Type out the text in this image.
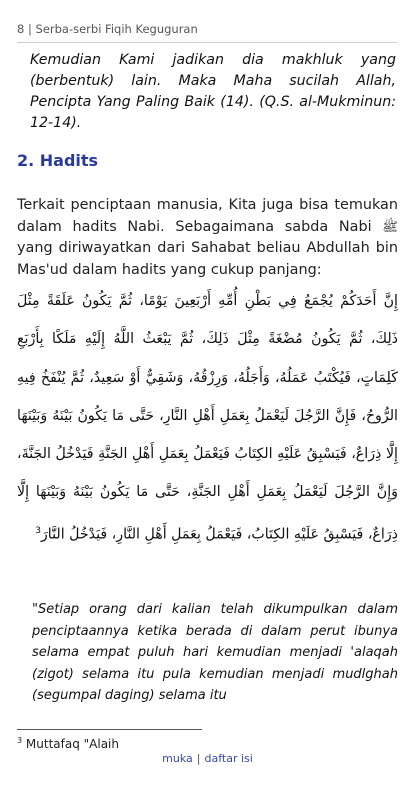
8 | Serba-serbi Fiqih Keguguran
Kemudian Kami jadikan dia makhluk yang (berbentuk) lain. Maka Maha sucilah Allah, Pencipta Yang Paling Baik (14). (Q.S. al-Mukminun: 12-14).
2. Hadits
Terkait penciptaan manusia, Kita juga bisa temukan dalam hadits Nabi. Sebagaimana sabda Nabi ﷺ yang diriwayatkan dari Sahabat beliau Abdullah bin Mas'ud dalam hadits yang cukup panjang:
إِنَّ أَحَدَكُمْ يُجْمَعُ فِي بَطْنِ أُمِّهِ أَرْبَعِينَ يَوْمًا، ثُمَّ يَكُونُ عَلَقَةً مِثْلَ ذَلِكَ، ثُمَّ يَكُونُ مُضْغَةً مِثْلَ ذَلِكَ، ثُمَّ يَبْعَثُ اللَّهُ إِلَيْهِ مَلَكًا بِأَرْبَعِ كَلِمَاتٍ، فَيُكْتَبُ عَمَلُهُ، وَأَجَلُهُ، وَرِزْقُهُ، وَشَقِيٌّ أَوْ سَعِيدٌ، ثُمَّ يُنْفَخُ فِيهِ الرُّوحُ، فَإِنَّ الرَّجُلَ لَيَعْمَلُ بِعَمَلِ أَهْلِ النَّارِ، حَتَّى مَا يَكُونُ بَيْنَهُ وَبَيْنَهَا إِلَّا ذِرَاعٌ، فَيَسْبِقُ عَلَيْهِ الكِتَابُ فَيَعْمَلُ بِعَمَلِ أَهْلِ الجَنَّةِ فَيَدْخُلُ الجَنَّةَ، وَإِنَّ الرَّجُلَ لَيَعْمَلُ بِعَمَلِ أَهْلِ الجَنَّةِ، حَتَّى مَا يَكُونُ بَيْنَهُ وَبَيْنَهَا إِلَّا ذِرَاعٌ، فَيَسْبِقُ عَلَيْهِ الكِتَابُ، فَيَعْمَلُ بِعَمَلِ أَهْلِ النَّارِ، فَيَدْخُلُ النَّارَ$^3$
"Setiap orang dari kalian telah dikumpulkan dalam penciptaannya ketika berada di dalam perut ibunya selama empat puluh hari kemudian menjadi 'alaqah (zigot) selama itu pula kemudian menjadi mudlghah (segumpal daging) selama itu
$^3$ Muttafaq "Alaih
muka | daftar isi
